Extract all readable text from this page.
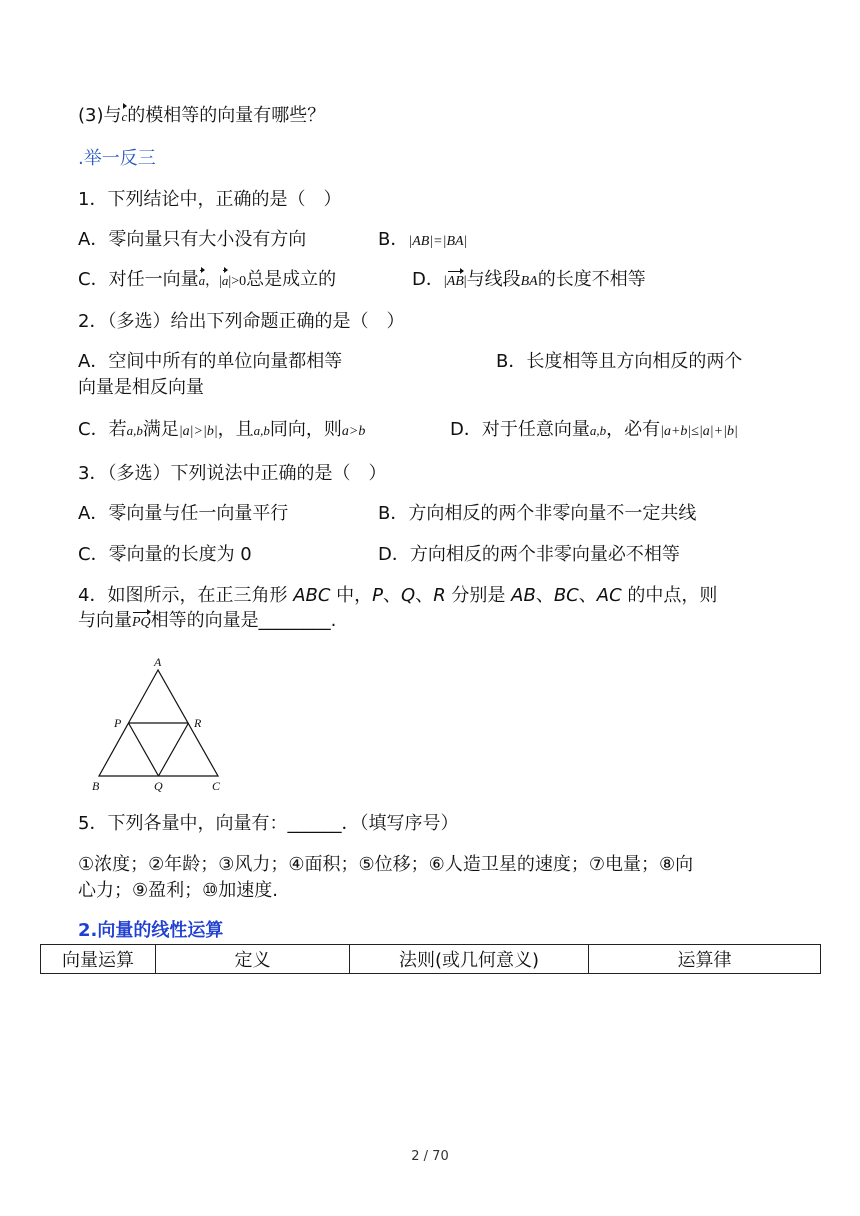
(3)与c的模相等的向量有哪些？
.举一反三
1．下列结论中，正确的是（　）
A．零向量只有大小没有方向	B．|AB|=|BA|
C．对任一向量a，|a|>0总是成立的	D．|AB|与线段BA的长度不相等
2．（多选）给出下列命题正确的是（　）
A．空间中所有的单位向量都相等	B．长度相等且方向相反的两个
向量是相反向量
C．若a,b满足|a|>|b|，且a,b同向，则a>b	D．对于任意向量a,b，必有|a+b|≤|a|+|b|
3．（多选）下列说法中正确的是（　）
A．零向量与任一向量平行	B．方向相反的两个非零向量不一定共线
C．零向量的长度为 0	D．方向相反的两个非零向量必不相等
4．如图所示，在正三角形 ABC 中，P、Q、R 分别是 AB、BC、AC 的中点，则
与向量PQ相等的向量是________.
A
B	C
P	R
Q
5．下列各量中，向量有：______．（填写序号）
①浓度；②年龄；③风力；④面积；⑤位移；⑥人造卫星的速度；⑦电量；⑧向
心力；⑨盈利；⑩加速度.
2.向量的线性运算
向量运算	定义	法则(或几何意义)	运算律
2 / 70
